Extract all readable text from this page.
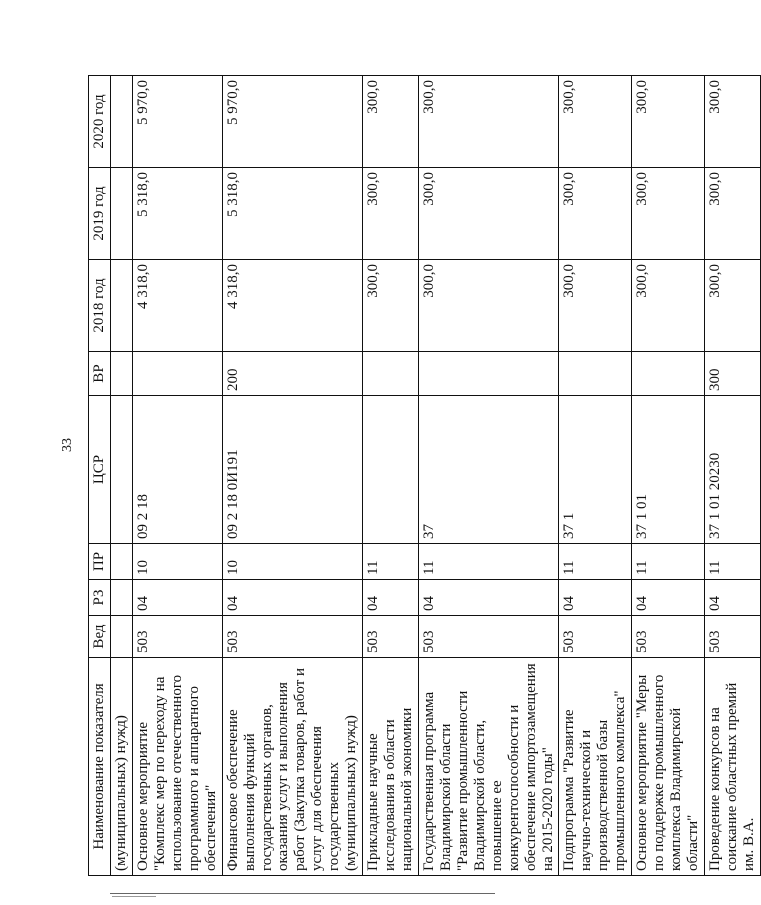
33
Наименование показателя	Вед	РЗ	ПР	ЦСР	ВР	2018 год	2019 год	2020 год
(муниципальных) нужд)								
Основное мероприятие "Комплекс мер по переходу на использование отечественного программного и аппаратного обеспечения"	503	04	10	09 2 18		4 318,0	5 318,0	5 970,0
Финансовое обеспечение выполнения функций государственных органов, оказания услуг и выполнения работ (Закупка товаров, работ и услуг для обеспечения государственных (муниципальных) нужд)	503	04	10	09 2 18 0И191	200	4 318,0	5 318,0	5 970,0
Прикладные научные исследования в области национальной экономики	503	04	11			300,0	300,0	300,0
Государственная программа Владимирской области "Развитие промышленности Владимирской области, повышение ее конкурентоспособности и обеспечение импортозамещения на 2015-2020 годы"	503	04	11	37		300,0	300,0	300,0
Подпрограмма "Развитие научно-технической и производственной базы промышленного комплекса"	503	04	11	37 1		300,0	300,0	300,0
Основное мероприятие "Меры по поддержке промышленного комплекса Владимирской области"	503	04	11	37 1 01		300,0	300,0	300,0
Проведение конкурсов на соискание областных премий им. В.А.	503	04	11	37 1 01 20230	300	300,0	300,0	300,0
